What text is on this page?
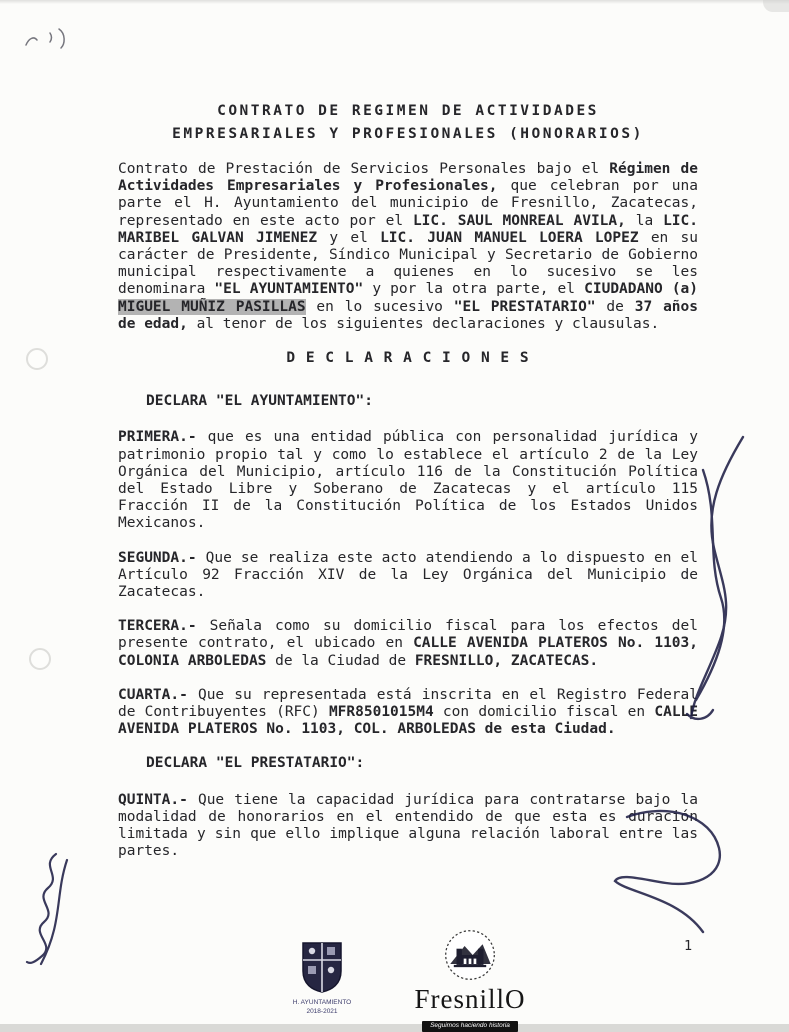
CONTRATO DE REGIMEN DE ACTIVIDADES
EMPRESARIALES Y PROFESIONALES (HONORARIOS)

Contrato de Prestación de Servicios Personales bajo el Régimen de Actividades Empresariales y Profesionales, que celebran por una parte el H. Ayuntamiento del municipio de Fresnillo, Zacatecas, representado en este acto por el LIC. SAUL MONREAL AVILA, la LIC. MARIBEL GALVAN JIMENEZ y el LIC. JUAN MANUEL LOERA LOPEZ en su carácter de Presidente, Síndico Municipal y Secretario de Gobierno municipal respectivamente a quienes en lo sucesivo se les denominara "EL AYUNTAMIENTO" y por la otra parte, el CIUDADANO (a) MIGUEL MUÑIZ PASILLAS en lo sucesivo "EL PRESTATARIO" de 37 años de edad, al tenor de los siguientes declaraciones y clausulas.

D E C L A R A C I O N E S
DECLARA "EL AYUNTAMIENTO":

PRIMERA.- que es una entidad pública con personalidad jurídica y patrimonio propio tal y como lo establece el artículo 2 de la Ley Orgánica del Municipio, artículo 116 de la Constitución Política del Estado Libre y Soberano de Zacatecas y el artículo 115 Fracción II de la Constitución Política de los Estados Unidos Mexicanos.

SEGUNDA.- Que se realiza este acto atendiendo a lo dispuesto en el Artículo 92 Fracción XIV de la Ley Orgánica del Municipio de Zacatecas.

TERCERA.- Señala como su domicilio fiscal para los efectos del presente contrato, el ubicado en CALLE AVENIDA PLATEROS No. 1103, COLONIA ARBOLEDAS de la Ciudad de FRESNILLO, ZACATECAS.

CUARTA.- Que su representada está inscrita en el Registro Federal de Contribuyentes (RFC) MFR8501015M4 con domicilio fiscal en CALLE AVENIDA PLATEROS No. 1103, COL. ARBOLEDAS de esta Ciudad.

DECLARA "EL PRESTATARIO":

QUINTA.- Que tiene la capacidad jurídica para contratarse bajo la modalidad de honorarios en el entendido de que esta es duración limitada y sin que ello implique alguna relación laboral entre las partes.

H. AYUNTAMIENTO
2018-2021	FresnillO
Seguimos haciendo historia
1
